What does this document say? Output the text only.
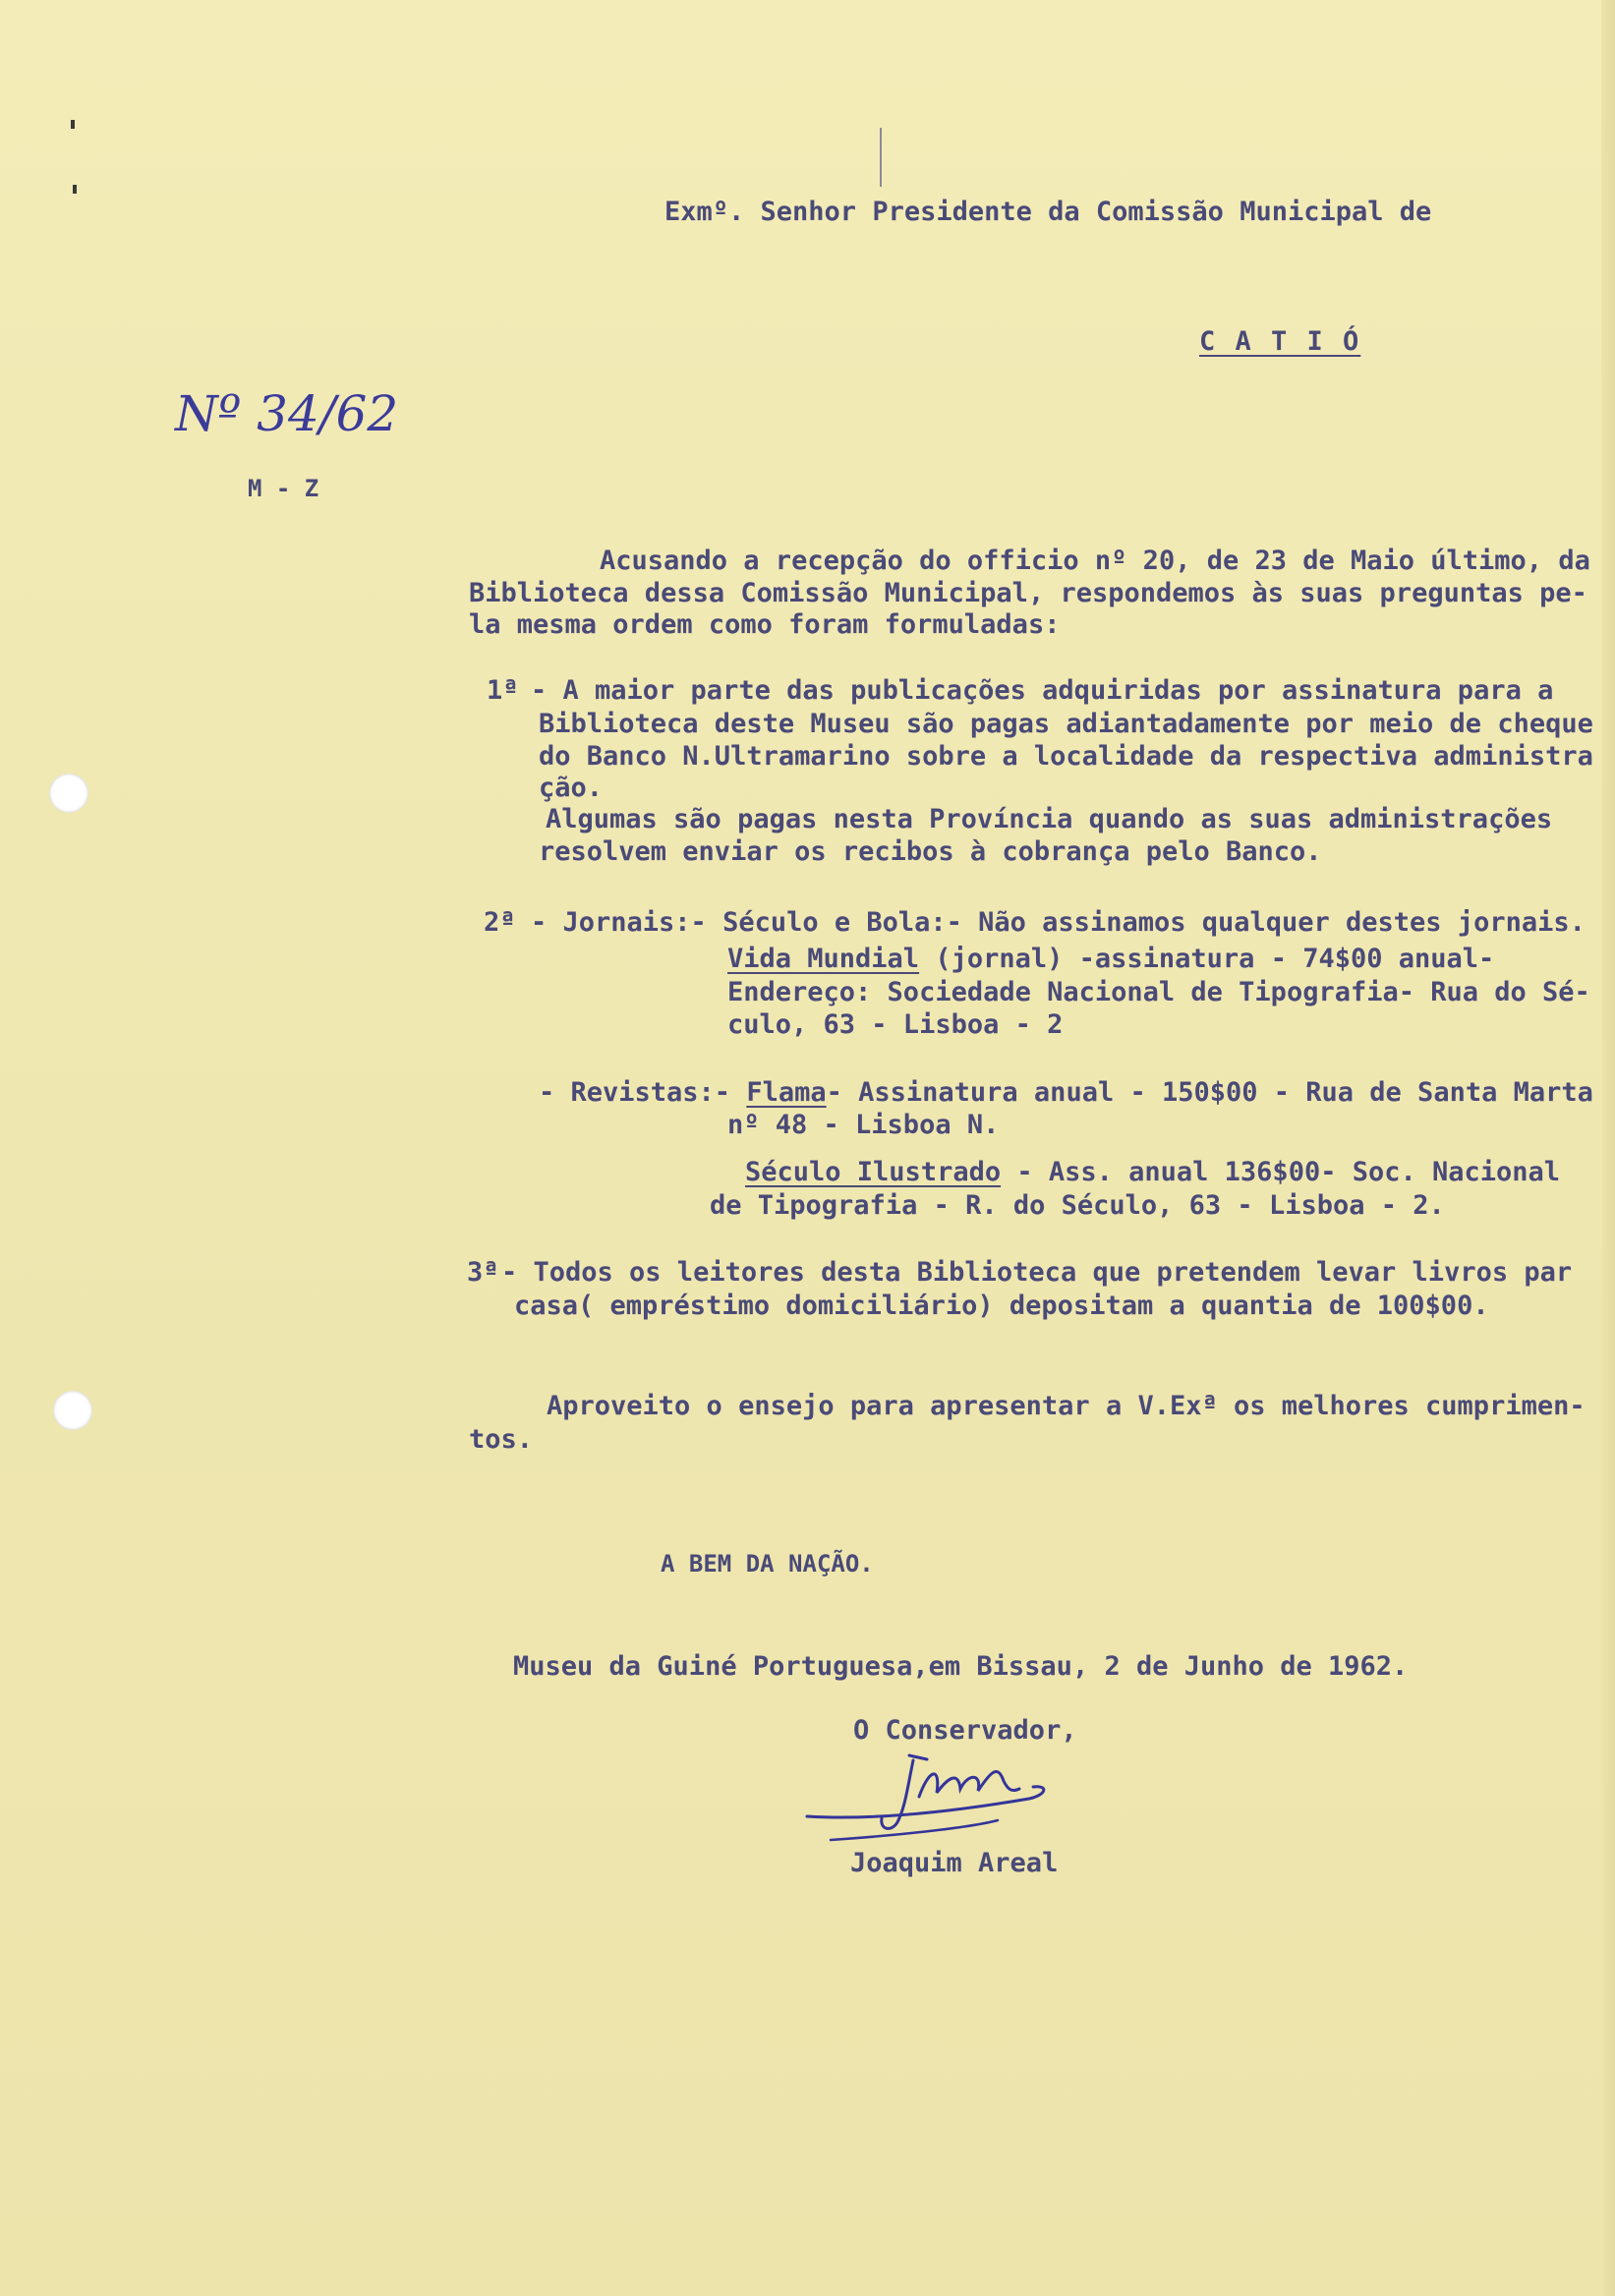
Exmº. Senhor Presidente da Comissão Municipal de
C A T I Ó
Nº 34/62
M - Z
Acusando a recepção do officio nº 20, de 23 de Maio último, da
Biblioteca dessa Comissão Municipal, respondemos às suas preguntas pe-
la mesma ordem como foram formuladas:
1ª - A maior parte das publicações adquiridas por assinatura para a
Biblioteca deste Museu são pagas adiantadamente por meio de cheque
do Banco N.Ultramarino sobre a localidade da respectiva administra
ção.
Algumas são pagas nesta Província quando as suas administrações
resolvem enviar os recibos à cobrança pelo Banco.
2ª - Jornais:- Século e Bola:- Não assinamos qualquer destes jornais.
Vida Mundial (jornal) -assinatura - 74$00 anual-
Endereço: Sociedade Nacional de Tipografia- Rua do Sé-
culo, 63 - Lisboa - 2
- Revistas:- Flama- Assinatura anual - 150$00 - Rua de Santa Marta
nº 48 - Lisboa N.
Século Ilustrado - Ass. anual 136$00- Soc. Nacional
de Tipografia - R. do Século, 63 - Lisboa - 2.
3ª - Todos os leitores desta Biblioteca que pretendem levar livros par
casa( empréstimo domiciliário) depositam a quantia de 100$00.
Aproveito o ensejo para apresentar a V.Exª os melhores cumprimen-
tos.
A BEM DA NAÇÃO.
Museu da Guiné Portuguesa,em Bissau, 2 de Junho de 1962.
O Conservador,
Joaquim Areal
